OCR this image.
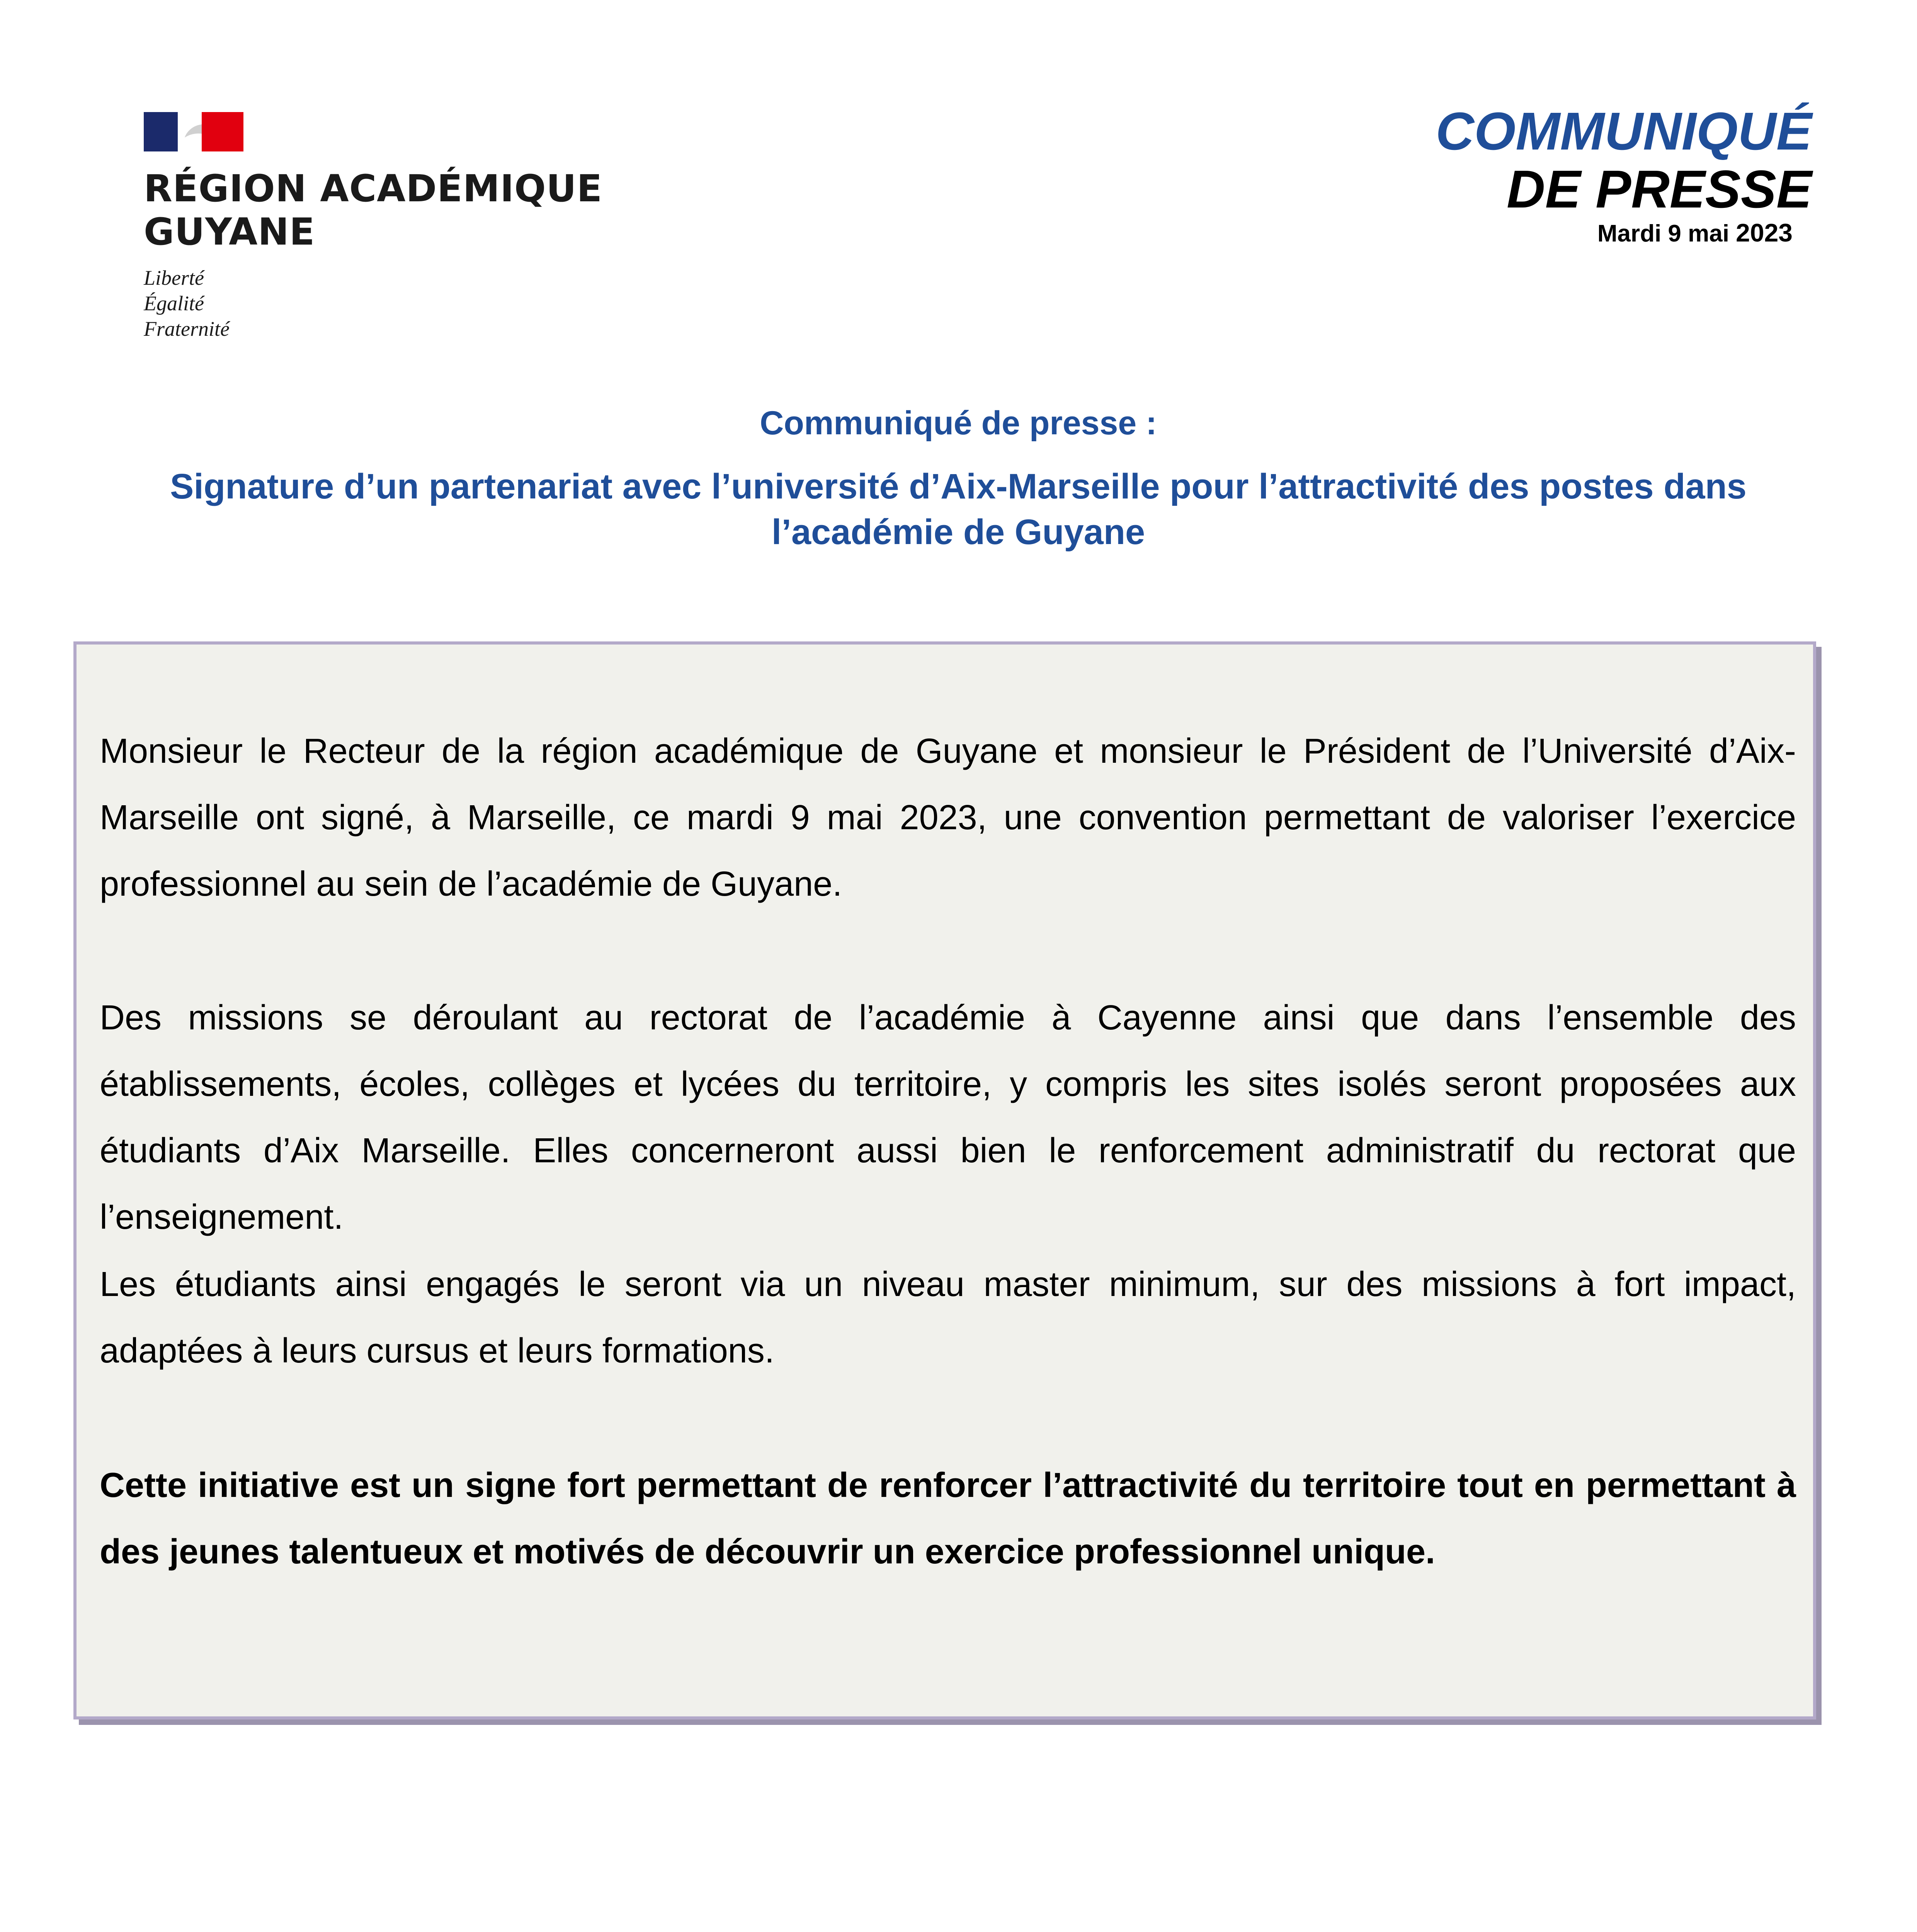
RÉGION ACADÉMIQUE
GUYANE
Liberté
Égalité
Fraternité
COMMUNIQUÉ
DE PRESSE
Mardi 9 mai 2023
Communiqué de presse :
Signature d’un partenariat avec l’université d’Aix-Marseille pour l’attractivité des postes dans l’académie de Guyane

Monsieur le Recteur de la région académique de Guyane et monsieur le Président de l’Université d’Aix-Marseille ont signé, à Marseille, ce mardi 9 mai 2023, une convention permettant de valoriser l’exercice professionnel au sein de l’académie de Guyane.

Des missions se déroulant au rectorat de l’académie à Cayenne ainsi que dans l’ensemble des établissements, écoles, collèges et lycées du territoire, y compris les sites isolés seront proposées aux étudiants d’Aix Marseille. Elles concerneront aussi bien le renforcement administratif du rectorat que l’enseignement.

Les étudiants ainsi engagés le seront via un niveau master minimum, sur des missions à fort impact, adaptées à leurs cursus et leurs formations.

Cette initiative est un signe fort permettant de renforcer l’attractivité du territoire tout en permettant à des jeunes talentueux et motivés de découvrir un exercice professionnel unique.
